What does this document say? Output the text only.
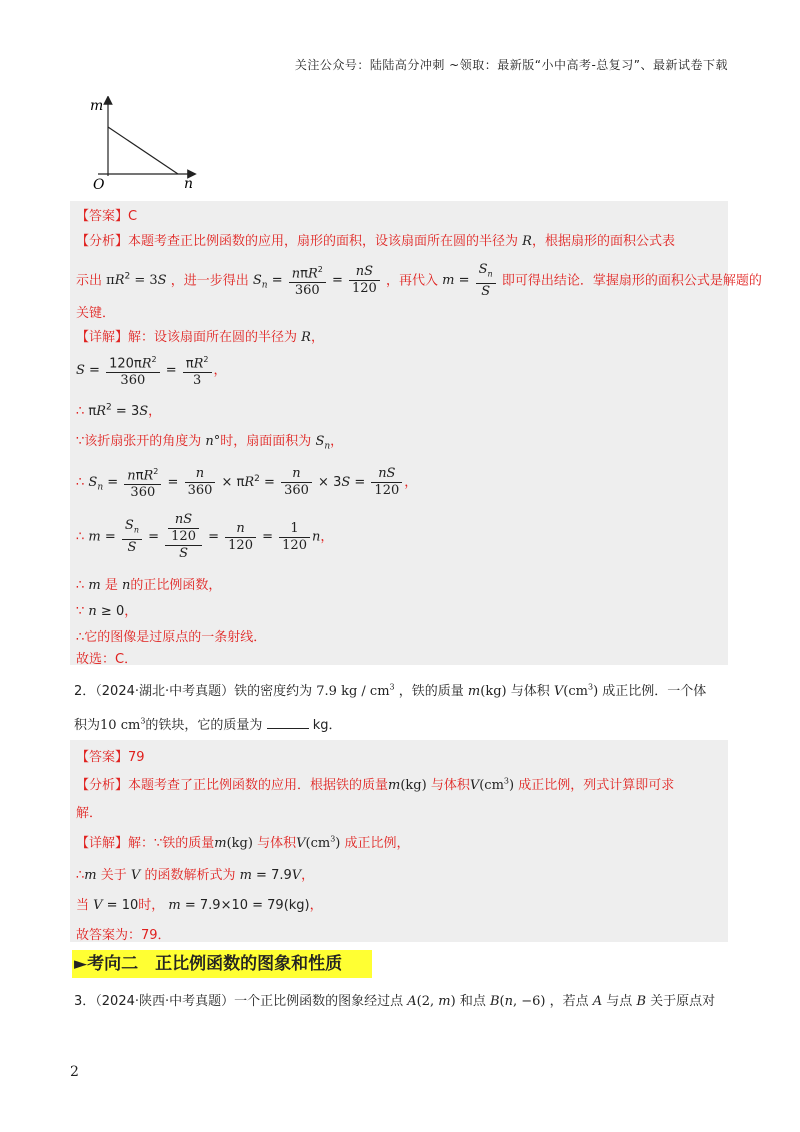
关注公众号：陆陆高分冲刺 ~领取：最新版“小中高考-总复习”、最新试卷下载
m
n
O
【答案】C
【分析】本题考查正比例函数的应用，扇形的面积，设该扇面所在圆的半径为 R，根据扇形的面积公式表
示出 $\pi R^2 = 3S$ ，进一步得出 $S_n = \frac{n\pi R^2}{360} = \frac{nS}{120}$ ，再代入 $m = \frac{S_n}{S}$ 即可得出结论．掌握扇形的面积公式是解题的
关键．
【详解】解：设该扇面所在圆的半径为 R，
$S = \frac{120\pi R^2}{360} = \frac{\pi R^2}{3}$ ，
∴ $\pi R^2 = 3S$，
∵该折扇张开的角度为 n°时，扇面面积为 $S_n$，
∴ $S_n = \frac{n\pi R^2}{360} = \frac{n}{360} \times \pi R^2 = \frac{n}{360} \times 3S = \frac{nS}{120}$ ，
∴ $m = \frac{S_n}{S} = \frac{\frac{nS}{120}}{S} = \frac{n}{120} = \frac{1}{120}$ n，
∴ m 是 n的正比例函数，
∵ n ≥ 0，
∴它的图像是过原点的一条射线．
故选：C．
2．（2024·湖北·中考真题）铁的密度约为 7.9 kg / $cm^3$ ，铁的质量 m(kg) 与体积 $V(cm^3)$ 成正比例．一个体
积为10 $cm^3$的铁块，它的质量为	kg．
【答案】79
【分析】本题考查了正比例函数的应用．根据铁的质量m(kg) 与体积$V(cm^3)$ 成正比例，列式计算即可求
解．
【详解】解：∵铁的质量m(kg) 与体积$V(cm^3)$ 成正比例，
∴m 关于 V 的函数解析式为 m = 7.9V，
当 V = 10时， m = 7.9×10 = 79(kg)，
故答案为：79．
►考向二　正比例函数的图象和性质
3．（2024·陕西·中考真题）一个正比例函数的图象经过点 A(2, m) 和点 B(n, −6) ，若点 A 与点 B 关于原点对
2
